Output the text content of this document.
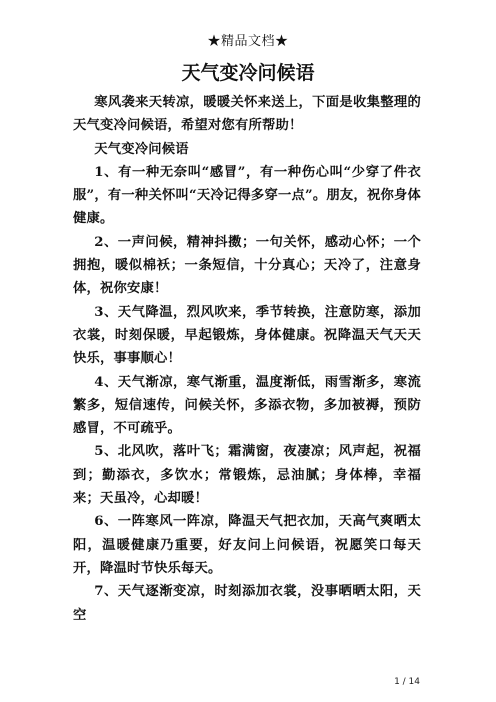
★精品文档★
天气变冷问候语

寒风袭来天转凉，暖暖关怀来送上，下面是收集整理的天气变冷问候语，希望对您有所帮助！

天气变冷问候语

1、有一种无奈叫“感冒”，有一种伤心叫“少穿了件衣服”，有一种关怀叫“天冷记得多穿一点”。朋友，祝你身体健康。

2、一声问候，精神抖擞；一句关怀，感动心怀；一个拥抱，暖似棉袄；一条短信，十分真心；天冷了，注意身体，祝你安康！

3、天气降温，烈风吹来，季节转换，注意防寒，添加衣裳，时刻保暖，早起锻炼，身体健康。祝降温天气天天快乐，事事顺心！

4、天气渐凉，寒气渐重，温度渐低，雨雪渐多，寒流繁多，短信速传，问候关怀，多添衣物，多加被褥，预防感冒，不可疏乎。

5、北风吹，落叶飞；霜满窗，夜凄凉；风声起，祝福到；勤添衣，多饮水；常锻炼，忌油腻；身体棒，幸福来；天虽冷，心却暖！

6、一阵寒风一阵凉，降温天气把衣加，天高气爽晒太阳，温暖健康乃重要，好友问上问候语，祝愿笑口每天开，降温时节快乐每天。

7、天气逐渐变凉，时刻添加衣裳，没事晒晒太阳，天空

1 / 14
